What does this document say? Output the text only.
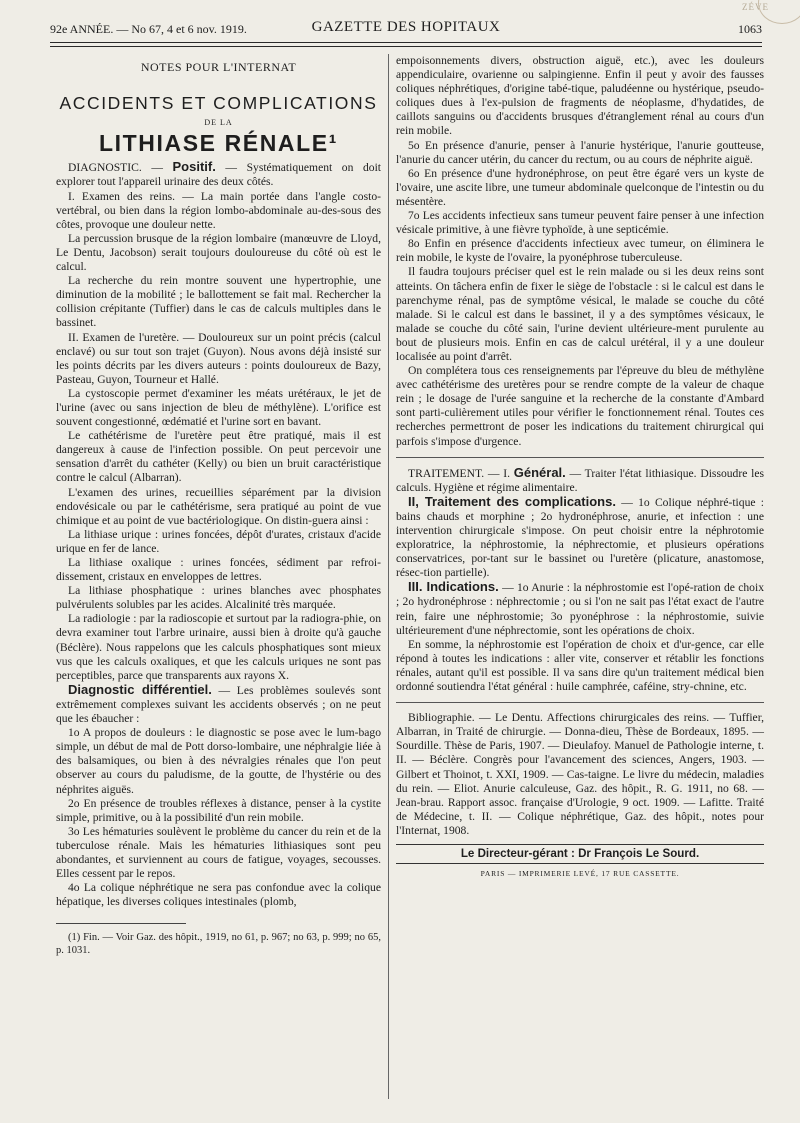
ZÉVE
92e ANNÉE. — No 67, 4 et 6 nov. 1919.	GAZETTE DES HOPITAUX	1063

NOTES POUR L'INTERNAT

ACCIDENTS ET COMPLICATIONS

DE LA

LITHIASE RÉNALE¹

DIAGNOSTIC. — Positif. — Systématiquement on doit explorer tout l'appareil urinaire des deux côtés.

I. Examen des reins. — La main portée dans l'angle costo-vertébral, ou bien dans la région lombo-abdominale au-des-sous des côtes, provoque une douleur nette.

La percussion brusque de la région lombaire (manœuvre de Lloyd, Le Dentu, Jacobson) serait toujours douloureuse du côté où est le calcul.

La recherche du rein montre souvent une hypertrophie, une diminution de la mobilité ; le ballottement se fait mal. Rechercher la collision crépitante (Tuffier) dans le cas de calculs multiples dans le bassinet.

II. Examen de l'uretère. — Douloureux sur un point précis (calcul enclavé) ou sur tout son trajet (Guyon). Nous avons déjà insisté sur les points décrits par les divers auteurs : points douloureux de Bazy, Pasteau, Guyon, Tourneur et Hallé.

La cystoscopie permet d'examiner les méats urétéraux, le jet de l'urine (avec ou sans injection de bleu de méthylène). L'orifice est souvent congestionné, œdématié et l'urine sort en bavant.

Le cathétérisme de l'uretère peut être pratiqué, mais il est dangereux à cause de l'infection possible. On peut percevoir une sensation d'arrêt du cathéter (Kelly) ou bien un bruit caractéristique contre le calcul (Albarran).

L'examen des urines, recueillies séparément par la division endovésicale ou par le cathétérisme, sera pratiqué au point de vue chimique et au point de vue bactériologique. On distin-guera ainsi :

La lithiase urique : urines foncées, dépôt d'urates, cristaux d'acide urique en fer de lance.

La lithiase oxalique : urines foncées, sédiment par refroi-dissement, cristaux en enveloppes de lettres.

La lithiase phosphatique : urines blanches avec phosphates pulvérulents solubles par les acides. Alcalinité très marquée.

La radiologie : par la radioscopie et surtout par la radiogra-phie, on devra examiner tout l'arbre urinaire, aussi bien à droite qu'à gauche (Béclère). Nous rappelons que les calculs phosphatiques sont mieux vus que les calculs oxaliques, et que les calculs uriques ne sont pas perceptibles, parce que transparents aux rayons X.

Diagnostic différentiel. — Les problèmes soulevés sont extrêmement complexes suivant les accidents observés ; on ne peut que les ébaucher :

1o A propos de douleurs : le diagnostic se pose avec le lum-bago simple, un début de mal de Pott dorso-lombaire, une néphralgie liée à des balsamiques, ou bien à des névralgies rénales que l'on peut observer au cours du paludisme, de la goutte, de l'hystérie ou des néphrites aiguës.

2o En présence de troubles réflexes à distance, penser à la cystite simple, primitive, ou à la possibilité d'un rein mobile.

3o Les hématuries soulèvent le problème du cancer du rein et de la tuberculose rénale. Mais les hématuries lithiasiques sont peu abondantes, et surviennent au cours de fatigue, voyages, secousses. Elles cessent par le repos.

4o La colique néphrétique ne sera pas confondue avec la colique hépatique, les diverses coliques intestinales (plomb,

(1) Fin. — Voir Gaz. des hôpit., 1919, no 61, p. 967; no 63, p. 999; no 65, p. 1031.

empoisonnements divers, obstruction aiguë, etc.), avec les douleurs appendiculaire, ovarienne ou salpingienne. Enfin il peut y avoir des fausses coliques néphrétiques, d'origine tabé-tique, paludéenne ou hystérique, pseudo-coliques dues à l'ex-pulsion de fragments de néoplasme, d'hydatides, de caillots sanguins ou d'accidents brusques d'étranglement rénal au cours d'un rein mobile.

5o En présence d'anurie, penser à l'anurie hystérique, l'anurie goutteuse, l'anurie du cancer utérin, du cancer du rectum, ou au cours de néphrite aiguë.

6o En présence d'une hydronéphrose, on peut être égaré vers un kyste de l'ovaire, une ascite libre, une tumeur abdominale quelconque de l'intestin ou du mésentère.

7o Les accidents infectieux sans tumeur peuvent faire penser à une infection vésicale primitive, à une fièvre typhoïde, à une septicémie.

8o Enfin en présence d'accidents infectieux avec tumeur, on éliminera le rein mobile, le kyste de l'ovaire, la pyonéphrose tuberculeuse.

Il faudra toujours préciser quel est le rein malade ou si les deux reins sont atteints. On tâchera enfin de fixer le siège de l'obstacle : si le calcul est dans le parenchyme rénal, pas de symptôme vésical, le malade se couche du côté malade. Si le calcul est dans le bassinet, il y a des symptômes vésicaux, le malade se couche du côté sain, l'urine devient ultérieure-ment purulente au bout de plusieurs mois. Enfin en cas de calcul urétéral, il y a une douleur localisée au point d'arrêt.

On complétera tous ces renseignements par l'épreuve du bleu de méthylène avec cathétérisme des uretères pour se rendre compte de la valeur de chaque rein ; le dosage de l'urée sanguine et la recherche de la constante d'Ambard sont parti-culièrement utiles pour vérifier le fonctionnement rénal. Toutes ces recherches permettront de poser les indications du traitement chirurgical qui parfois s'impose d'urgence.

TRAITEMENT. — I. Général. — Traiter l'état lithiasique. Dissoudre les calculs. Hygiène et régime alimentaire.

II, Traitement des complications. — 1o Colique néphré-tique : bains chauds et morphine ; 2o hydronéphrose, anurie, et infection : une intervention chirurgicale s'impose. On peut choisir entre la néphrotomie exploratrice, la néphrostomie, la néphrectomie, et plusieurs opérations conservatrices, por-tant sur le bassinet ou l'uretère (plicature, anastomose, résec-tion partielle).

III. Indications. — 1o Anurie : la néphrostomie est l'opé-ration de choix ; 2o hydronéphrose : néphrectomie ; ou si l'on ne sait pas l'état exact de l'autre rein, faire une néphrostomie; 3o pyonéphrose : la néphrostomie, suivie ultérieurement d'une néphrectomie, sont les opérations de choix.

En somme, la néphrostomie est l'opération de choix et d'ur-gence, car elle répond à toutes les indications : aller vite, conserver et rétablir les fonctions rénales, autant qu'il est possible. Il va sans dire qu'un traitement médical bien ordonné soutiendra l'état général : huile camphrée, caféine, stry-chnine, etc.

Bibliographie. — Le Dentu. Affections chirurgicales des reins. — Tuffier, Albarran, in Traité de chirurgie. — Donna-dieu, Thèse de Bordeaux, 1895. — Sourdille. Thèse de Paris, 1907. — Dieulafoy. Manuel de Pathologie interne, t. II. — Béclère. Congrès pour l'avancement des sciences, Angers, 1903. — Gilbert et Thoinot, t. XXI, 1909. — Cas-taigne. Le livre du médecin, maladies du rein. — Eliot. Anurie calculeuse, Gaz. des hôpit., R. G. 1911, no 68. — Jean-brau. Rapport assoc. française d'Urologie, 9 oct. 1909. — Lafitte. Traité de Médecine, t. II. — Colique néphrétique, Gaz. des hôpit., notes pour l'Internat, 1908.

Le Directeur-gérant : Dr François Le Sourd.

PARIS — IMPRIMERIE LEVÉ, 17 RUE CASSETTE.
